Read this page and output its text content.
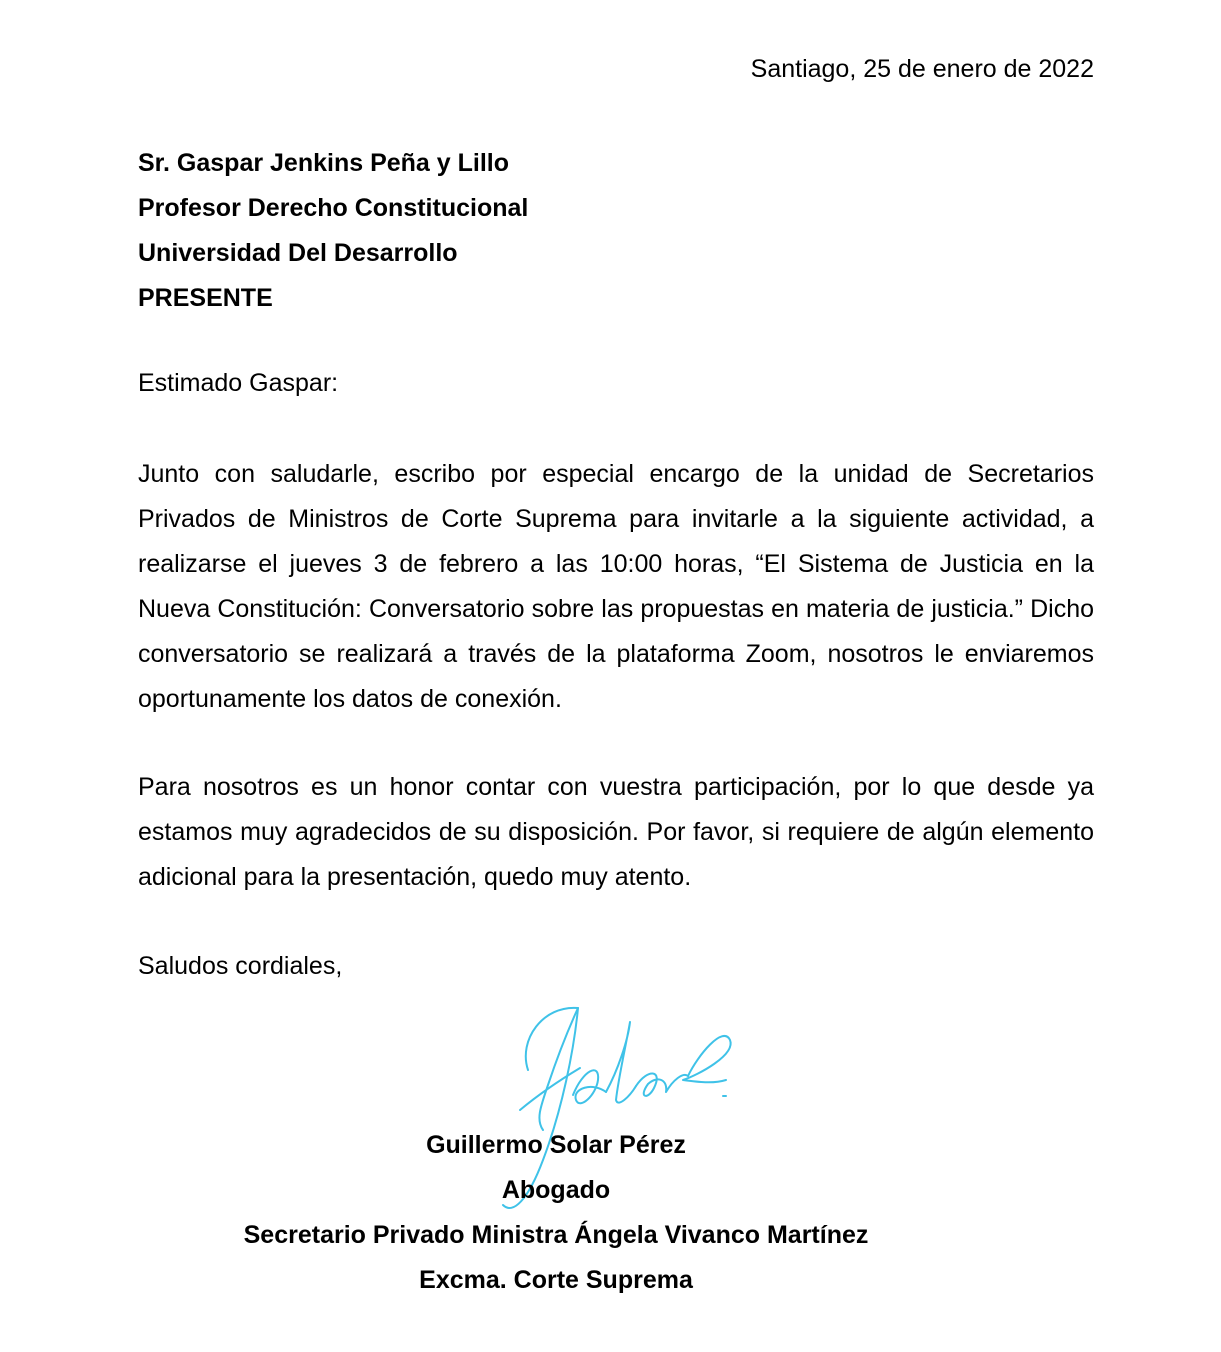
Santiago, 25 de enero de 2022
Sr. Gaspar Jenkins Peña y Lillo
Profesor Derecho Constitucional
Universidad Del Desarrollo
PRESENTE
Estimado Gaspar:
Junto con saludarle, escribo por especial encargo de la unidad de Secretarios Privados de Ministros de Corte Suprema para invitarle a la siguiente actividad, a realizarse el jueves 3 de febrero a las 10:00 horas, “El Sistema de Justicia en la Nueva Constitución: Conversatorio sobre las propuestas en materia de justicia.” Dicho conversatorio se realizará a través de la plataforma Zoom, nosotros le enviaremos oportunamente los datos de conexión.
Para nosotros es un honor contar con vuestra participación, por lo que desde ya estamos muy agradecidos de su disposición. Por favor, si requiere de algún elemento adicional para la presentación, quedo muy atento.
Saludos cordiales,
Guillermo Solar Pérez
Abogado
Secretario Privado Ministra Ángela Vivanco Martínez
Excma. Corte Suprema
